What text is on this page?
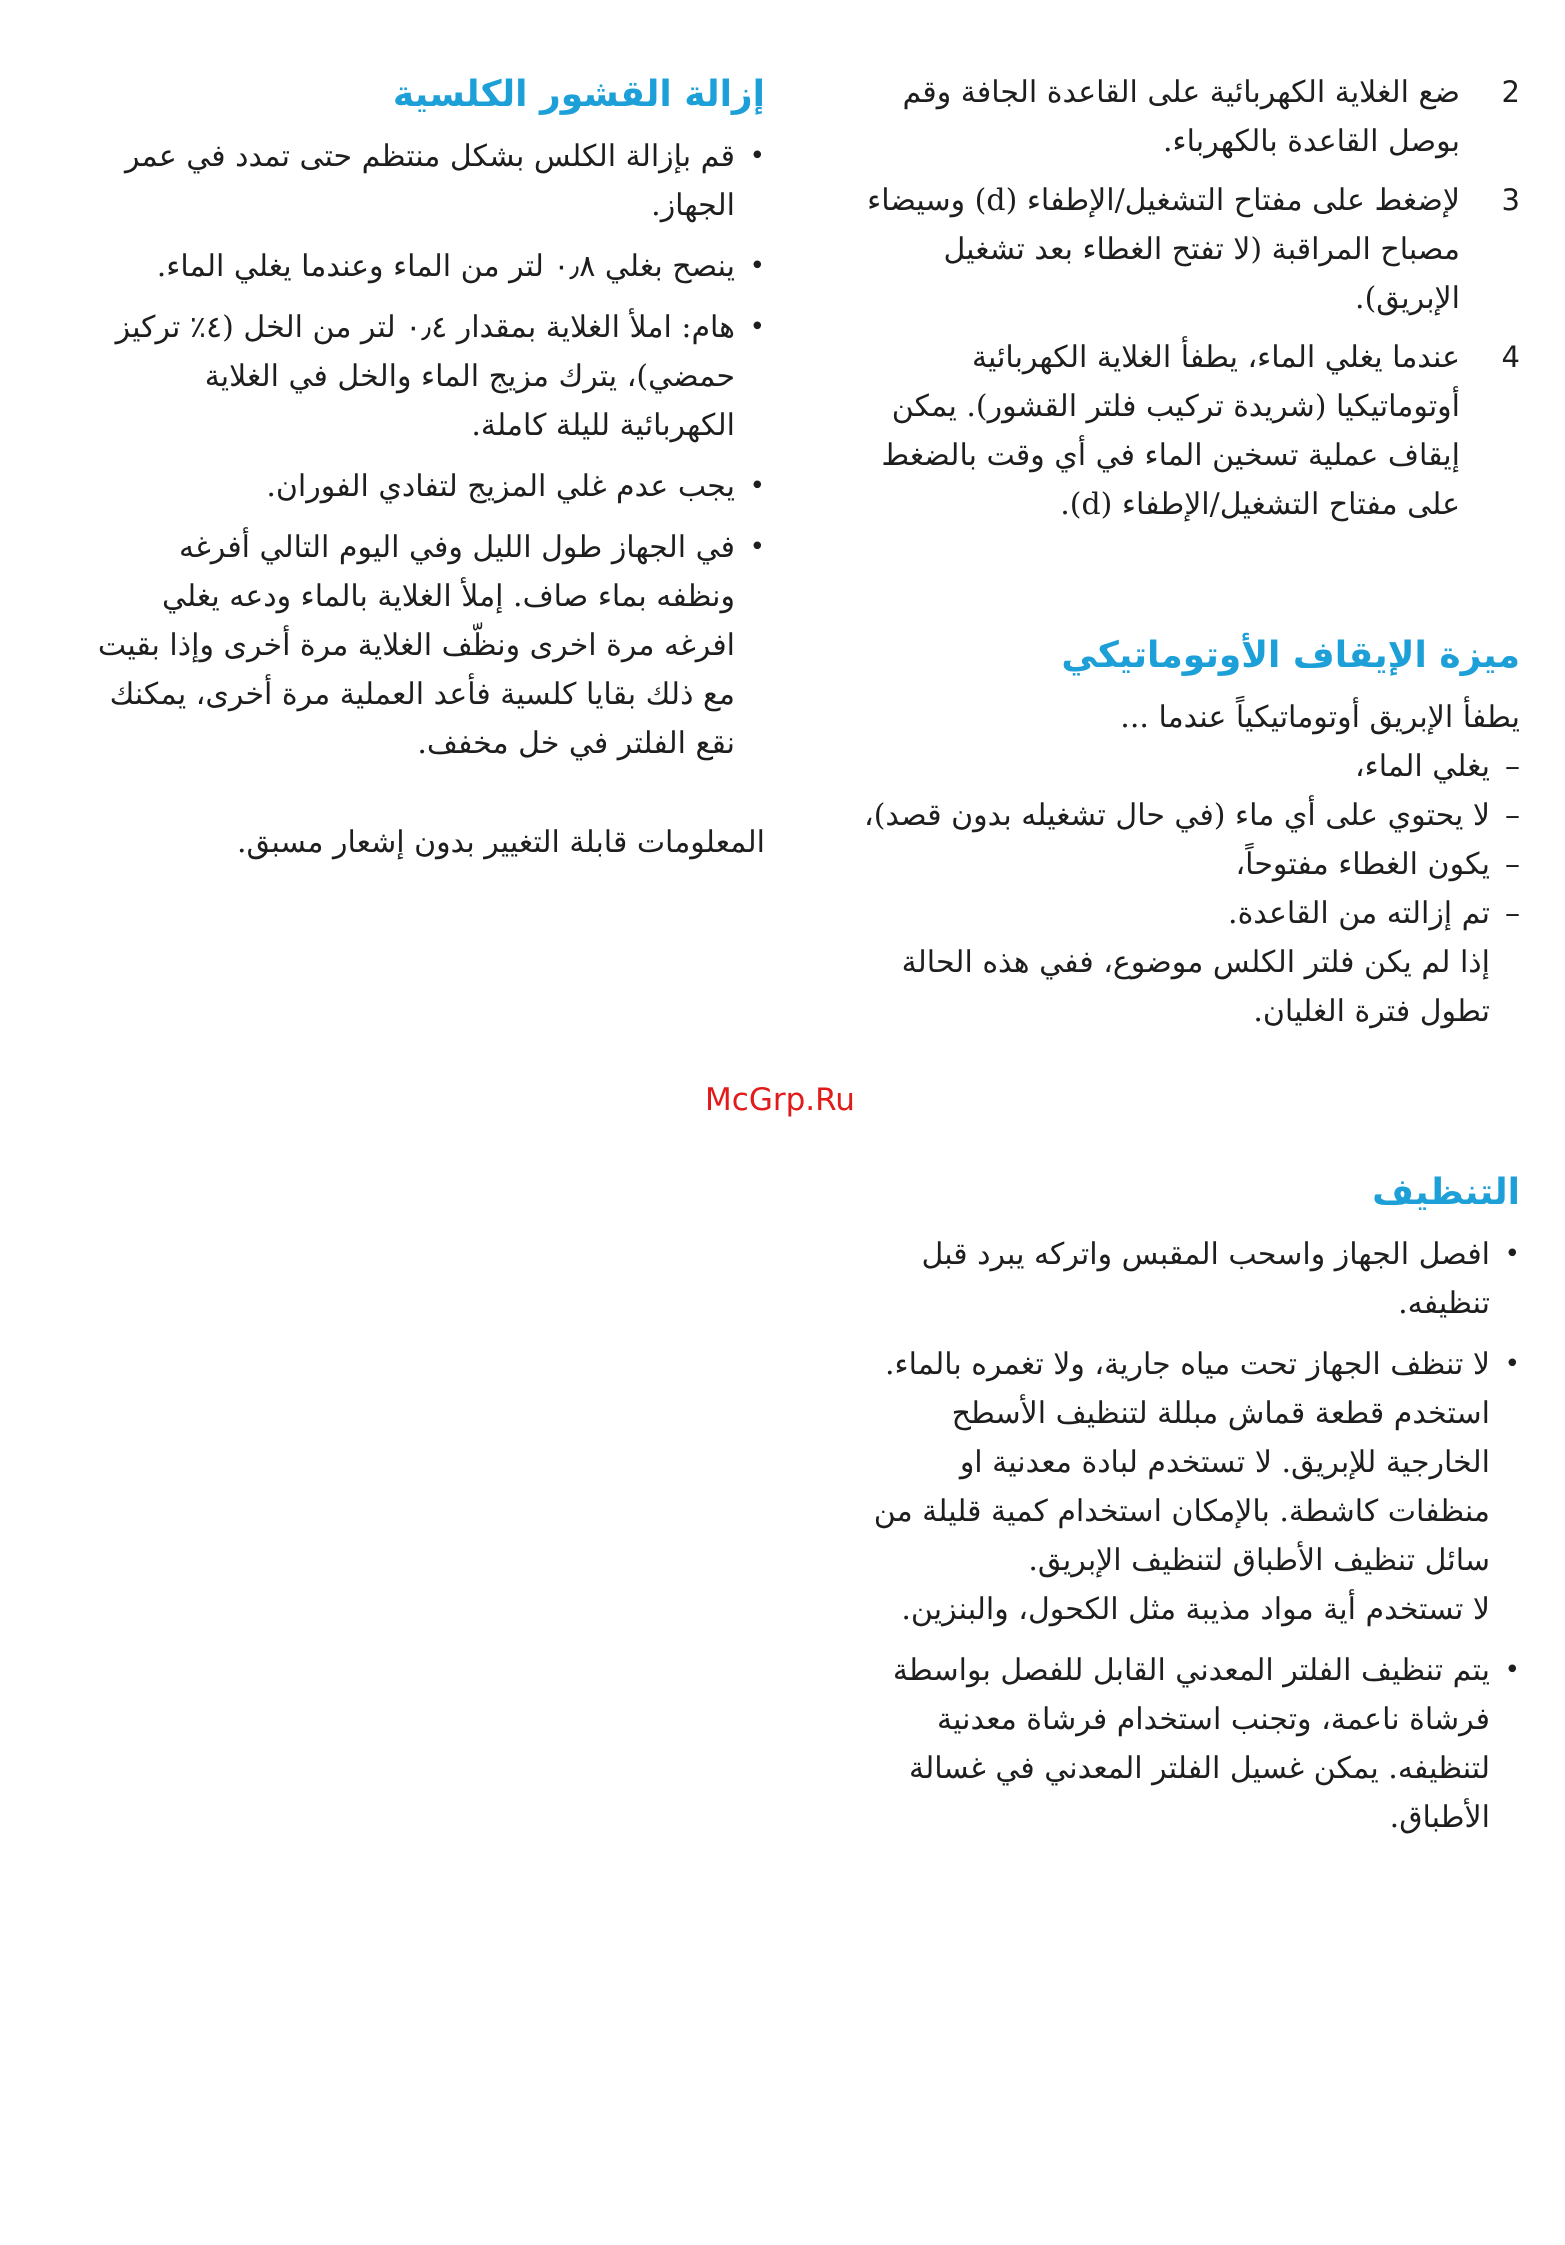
2
ضع الغلاية الكهربائية على القاعدة الجافة وقم بوصل القاعدة بالكهرباء.
3
لإضغط على مفتاح التشغيل/الإطفاء (d) وسيضاء مصباح المراقبة (لا تفتح الغطاء بعد تشغيل الإبريق).
4
عندما يغلي الماء، يطفأ الغلاية الكهربائية أوتوماتيكيا (شريدة تركيب فلتر القشور). يمكن إيقاف عملية تسخين الماء في أي وقت بالضغط على مفتاح التشغيل/الإطفاء (d).
ميزة الإيقاف الأوتوماتيكي

يطفأ الإبريق أوتوماتيكياً عندما ...

– يغلي الماء،
– لا يحتوي على أي ماء (في حال تشغيله بدون قصد)،
– يكون الغطاء مفتوحاً،
– تم إزالته من القاعدة.

إذا لم يكن فلتر الكلس موضوع، ففي هذه الحالة تطول فترة الغليان.

التنظيف
• افصل الجهاز واسحب المقبس واتركه يبرد قبل تنظيفه.
• لا تنظف الجهاز تحت مياه جارية، ولا تغمره بالماء.
استخدم قطعة قماش مبللة لتنظيف الأسطح الخارجية للإبريق. لا تستخدم لبادة معدنية او منظفات كاشطة. بالإمكان استخدام كمية قليلة من سائل تنظيف الأطباق لتنظيف الإبريق.
لا تستخدم أية مواد مذيبة مثل الكحول، والبنزين.
• يتم تنظيف الفلتر المعدني القابل للفصل بواسطة فرشاة ناعمة، وتجنب استخدام فرشاة معدنية لتنظيفه. يمكن غسيل الفلتر المعدني في غسالة الأطباق.
إزالة القشور الكلسية
• قم بإزالة الكلس بشكل منتظم حتى تمدد في عمر الجهاز.
• ينصح بغلي ٠٫٨ لتر من الماء وعندما يغلي الماء.
• هام: املأ الغلاية بمقدار ٠٫٤ لتر من الخل (٤٪ تركيز حمضي)، يترك مزيج الماء والخل في الغلاية الكهربائية لليلة كاملة.
• يجب عدم غلي المزيج لتفادي الفوران.
• في الجهاز طول الليل وفي اليوم التالي أفرغه ونظفه بماء صاف. إملأ الغلاية بالماء ودعه يغلي افرغه مرة اخرى ونظّف الغلاية مرة أخرى وإذا بقيت مع ذلك بقايا كلسية فأعد العملية مرة أخرى، يمكنك نقع الفلتر في خل مخفف.

المعلومات قابلة التغيير بدون إشعار مسبق.

McGrp.Ru
